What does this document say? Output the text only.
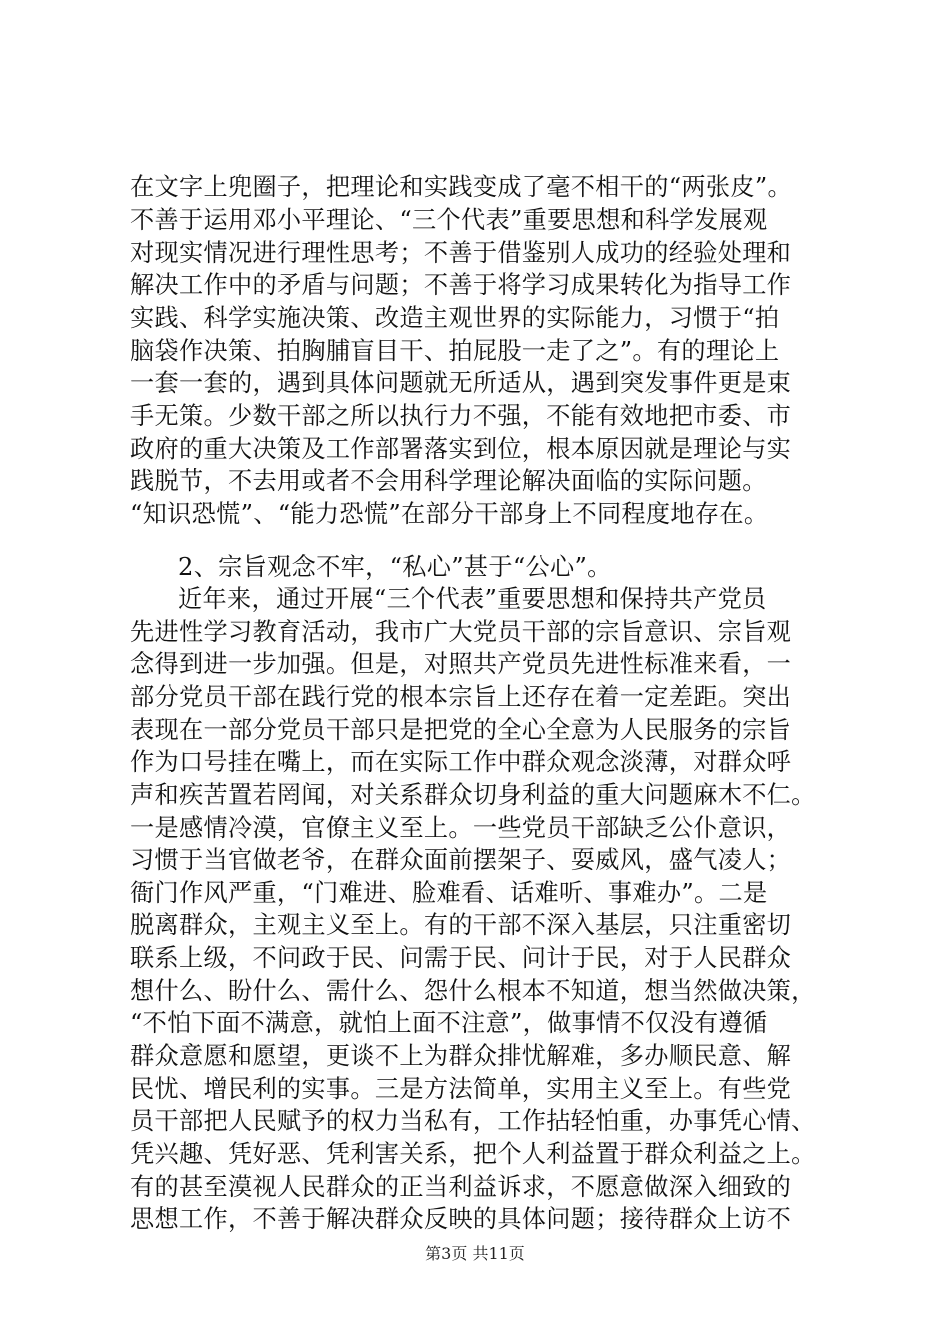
在文字上兜圈子，把理论和实践变成了毫不相干的“两张皮”。
不善于运用邓小平理论、“三个代表”重要思想和科学发展观
对现实情况进行理性思考；不善于借鉴别人成功的经验处理和
解决工作中的矛盾与问题；不善于将学习成果转化为指导工作
实践、科学实施决策、改造主观世界的实际能力，习惯于“拍
脑袋作决策、拍胸脯盲目干、拍屁股一走了之”。有的理论上
一套一套的，遇到具体问题就无所适从，遇到突发事件更是束
手无策。少数干部之所以执行力不强，不能有效地把市委、市
政府的重大决策及工作部署落实到位，根本原因就是理论与实
践脱节，不去用或者不会用科学理论解决面临的实际问题。
“知识恐慌”、“能力恐慌”在部分干部身上不同程度地存在。
2、宗旨观念不牢，“私心”甚于“公心”。
近年来，通过开展“三个代表”重要思想和保持共产党员
先进性学习教育活动，我市广大党员干部的宗旨意识、宗旨观
念得到进一步加强。但是，对照共产党员先进性标准来看，一
部分党员干部在践行党的根本宗旨上还存在着一定差距。突出
表现在一部分党员干部只是把党的全心全意为人民服务的宗旨
作为口号挂在嘴上，而在实际工作中群众观念淡薄，对群众呼
声和疾苦置若罔闻，对关系群众切身利益的重大问题麻木不仁。
一是感情冷漠，官僚主义至上。一些党员干部缺乏公仆意识，
习惯于当官做老爷，在群众面前摆架子、耍威风，盛气凌人；
衙门作风严重，“门难进、脸难看、话难听、事难办”。二是
脱离群众，主观主义至上。有的干部不深入基层，只注重密切
联系上级，不问政于民、问需于民、问计于民，对于人民群众
想什么、盼什么、需什么、怨什么根本不知道，想当然做决策，
“不怕下面不满意，就怕上面不注意”，做事情不仅没有遵循
群众意愿和愿望，更谈不上为群众排忧解难，多办顺民意、解
民忧、增民利的实事。三是方法简单，实用主义至上。有些党
员干部把人民赋予的权力当私有，工作拈轻怕重，办事凭心情、
凭兴趣、凭好恶、凭利害关系，把个人利益置于群众利益之上。
有的甚至漠视人民群众的正当利益诉求，不愿意做深入细致的
思想工作，不善于解决群众反映的具体问题；接待群众上访不
第3页 共11页
